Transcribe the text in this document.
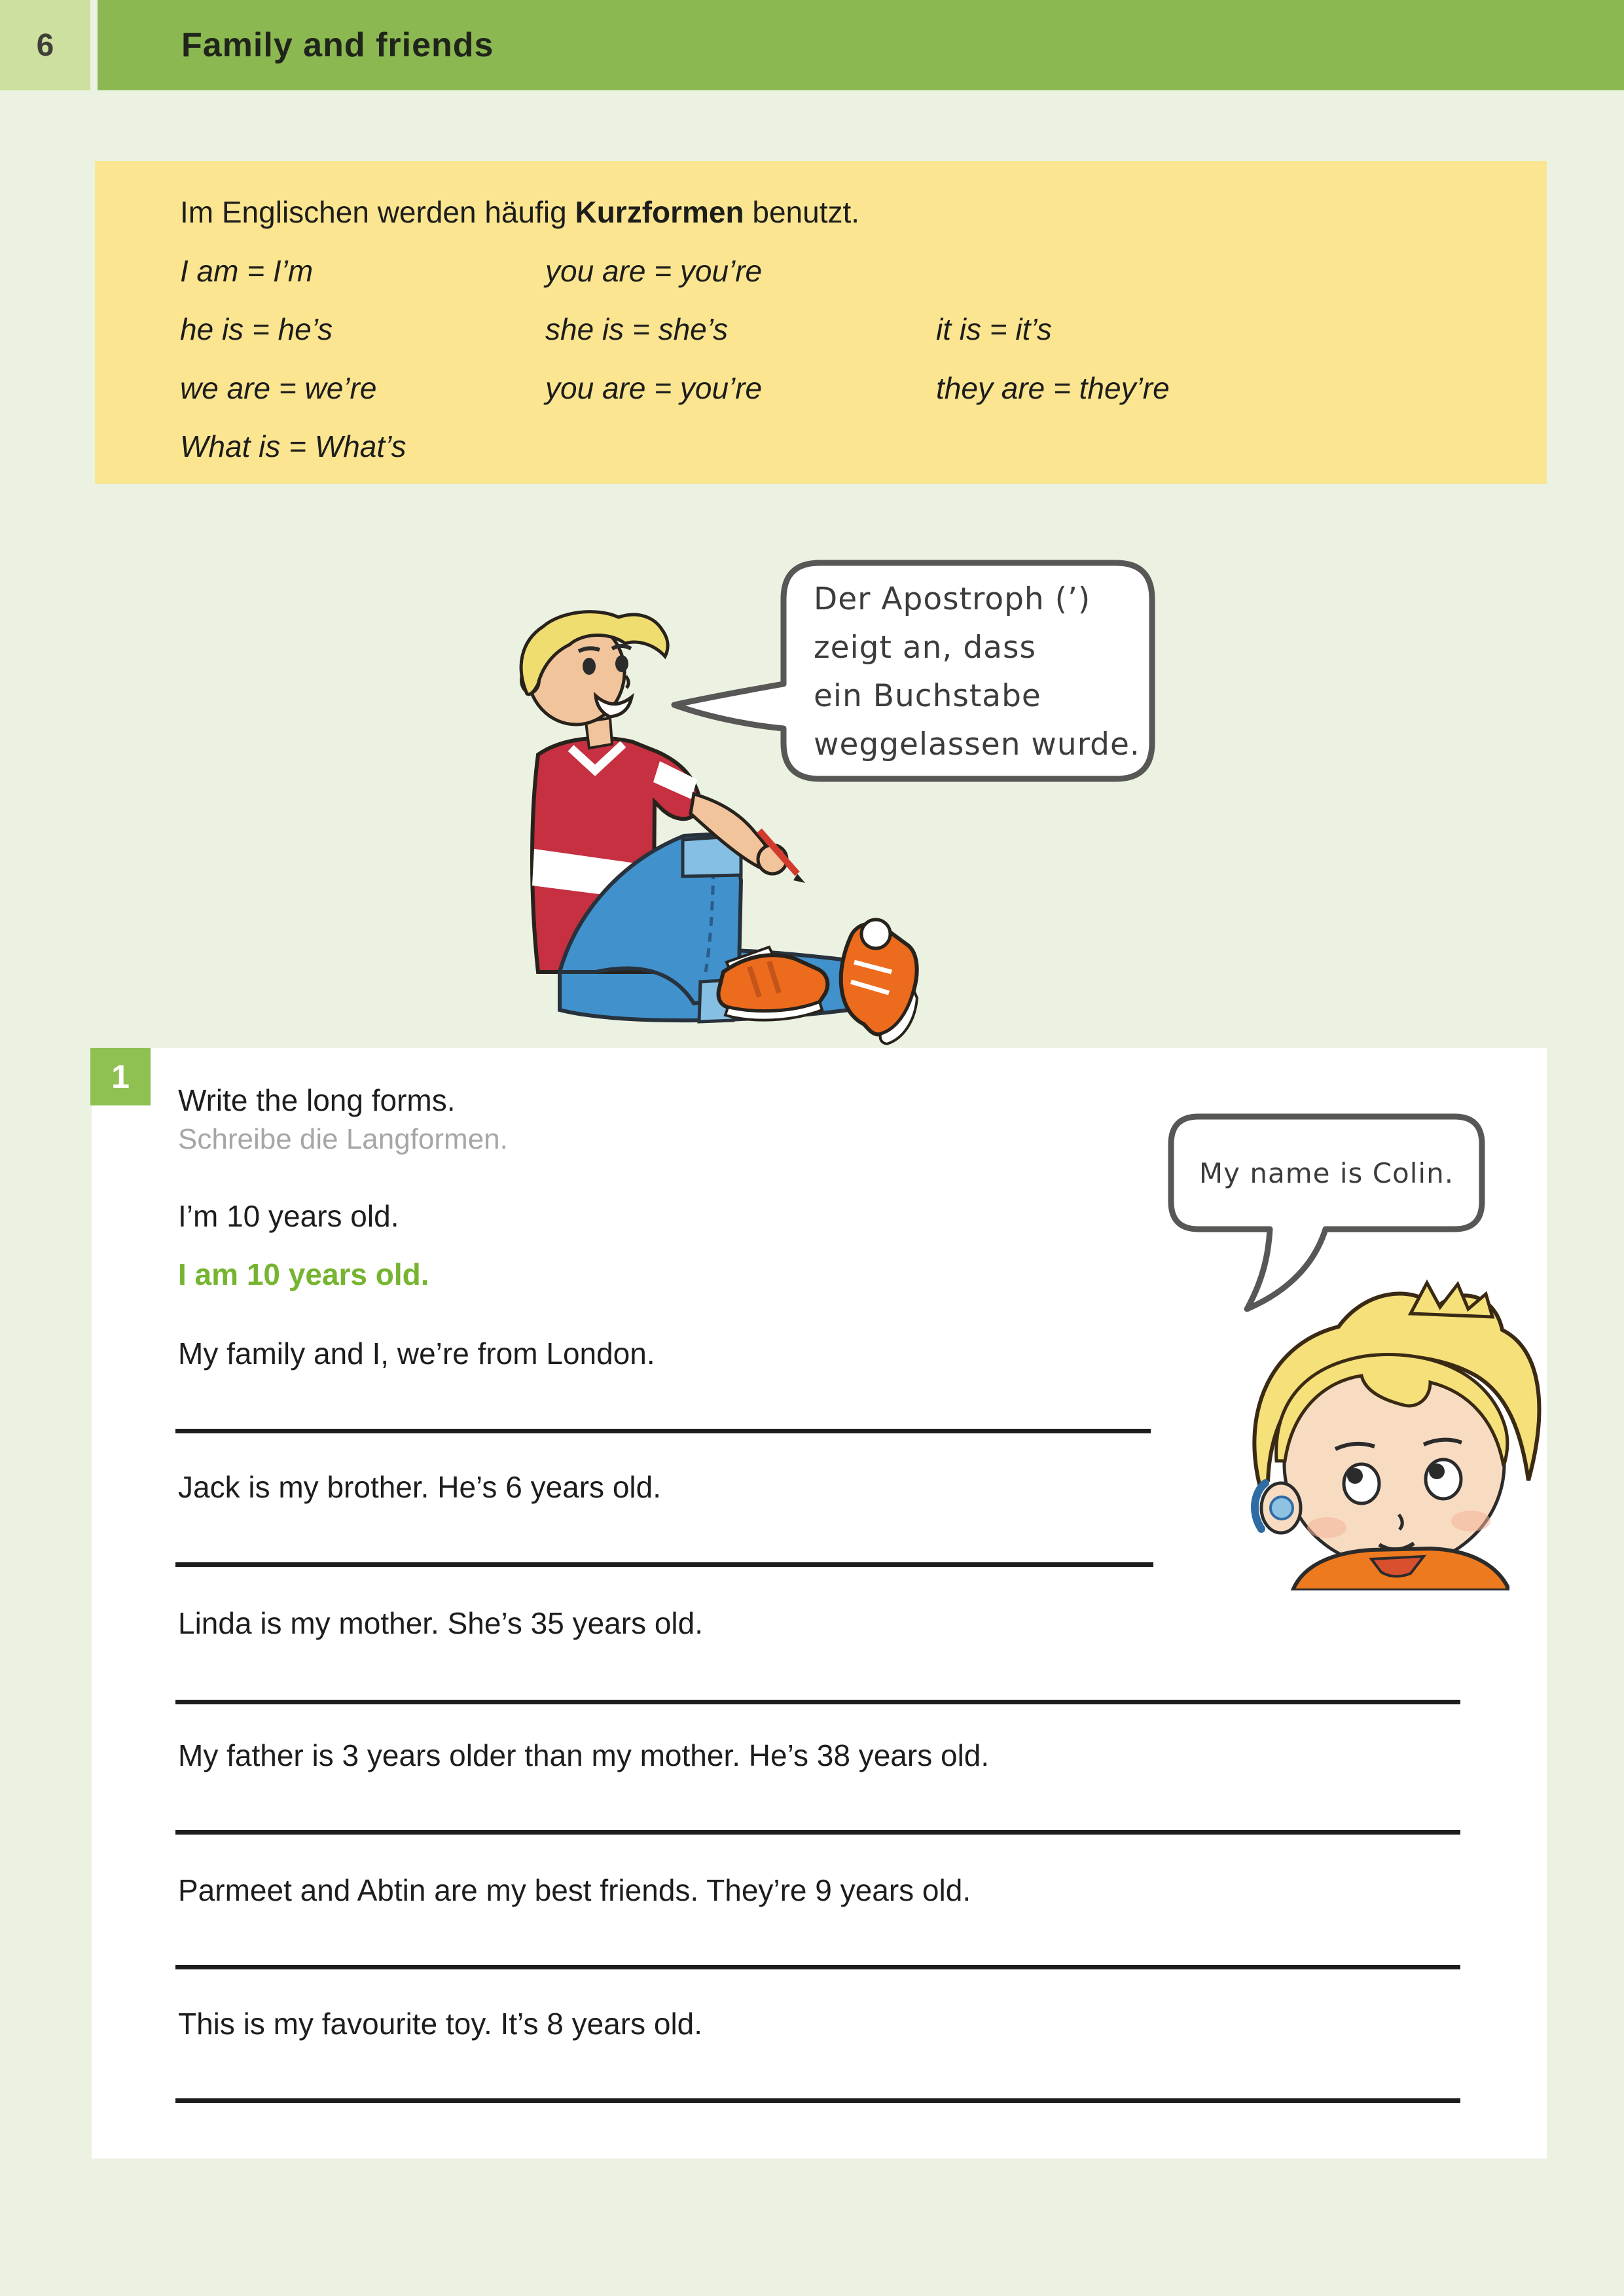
6	Family and friends
Im Englischen werden häufig Kurzformen benutzt.
I am = I’m	you are = you’re
he is = he’s	she is = she’s	it is = it’s
we are = we’re	you are = you’re	they are = they’re
What is = What’s
Der Apostroph (’)
zeigt an, dass
ein Buchstabe
weggelassen wurde.
1
Write the long forms.
Schreibe die Langformen.
I’m 10 years old.
I am 10 years old.
My family and I, we’re from London.
Jack is my brother. He’s 6 years old.
Linda is my mother. She’s 35 years old.
My father is 3 years older than my mother. He’s 38 years old.
Parmeet and Abtin are my best friends. They’re 9 years old.
This is my favourite toy. It’s 8 years old.
My name is Colin.
